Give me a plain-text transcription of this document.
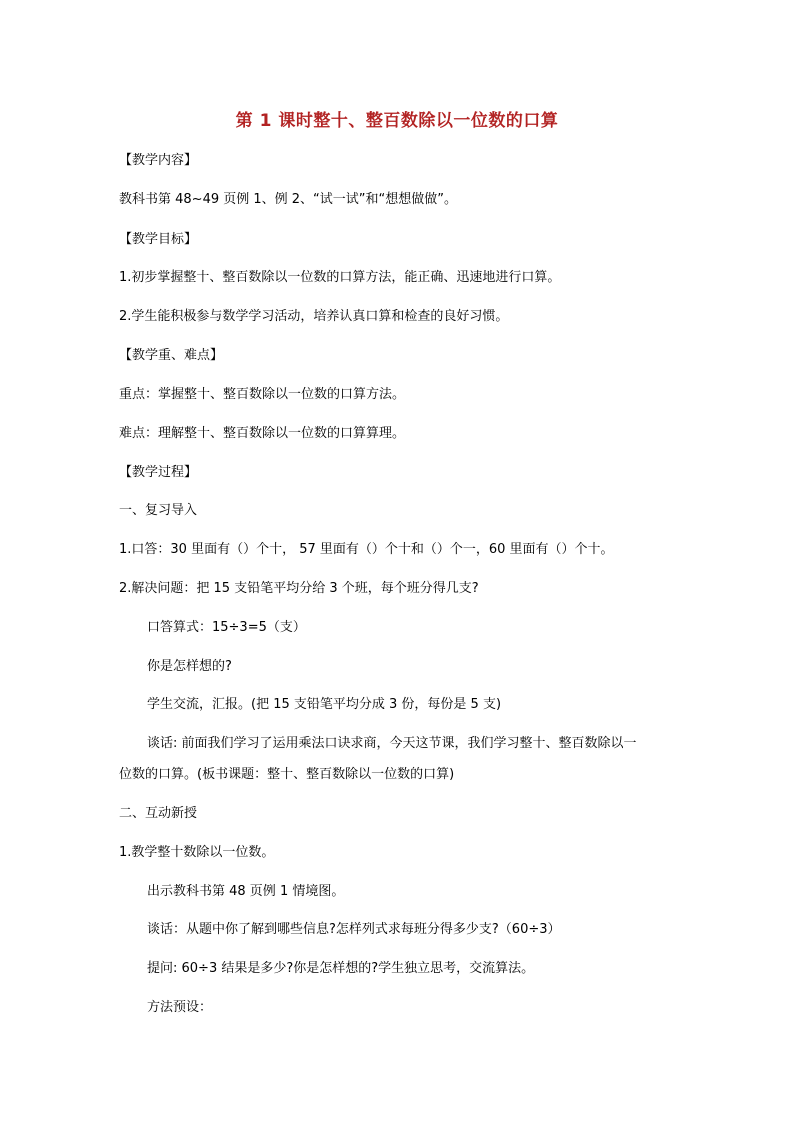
第 1 课时整十、整百数除以一位数的口算
【教学内容】
教科书第 48~49 页例 1、例 2、“试一试”和“想想做做”。
【教学目标】
1.初步掌握整十、整百数除以一位数的口算方法，能正确、迅速地进行口算。
2.学生能积极参与数学学习活动，培养认真口算和检查的良好习惯。
【教学重、难点】
重点：掌握整十、整百数除以一位数的口算方法。
难点：理解整十、整百数除以一位数的口算算理。
【教学过程】
一、复习导入
1.口答：30 里面有（）个十， 57 里面有（）个十和（）个一，60 里面有（）个十。
2.解决问题：把 15 支铅笔平均分给 3 个班，每个班分得几支?
口答算式：15÷3=5（支）
你是怎样想的?
学生交流，汇报。(把 15 支铅笔平均分成 3 份，每份是 5 支)
谈话: 前面我们学习了运用乘法口诀求商，今天这节课，我们学习整十、整百数除以一
位数的口算。(板书课题：整十、整百数除以一位数的口算)
二、互动新授
1.教学整十数除以一位数。
出示教科书第 48 页例 1 情境图。
谈话：从题中你了解到哪些信息?怎样列式求每班分得多少支?（60÷3）
提问: 60÷3 结果是多少?你是怎样想的?学生独立思考，交流算法。
方法预设：
